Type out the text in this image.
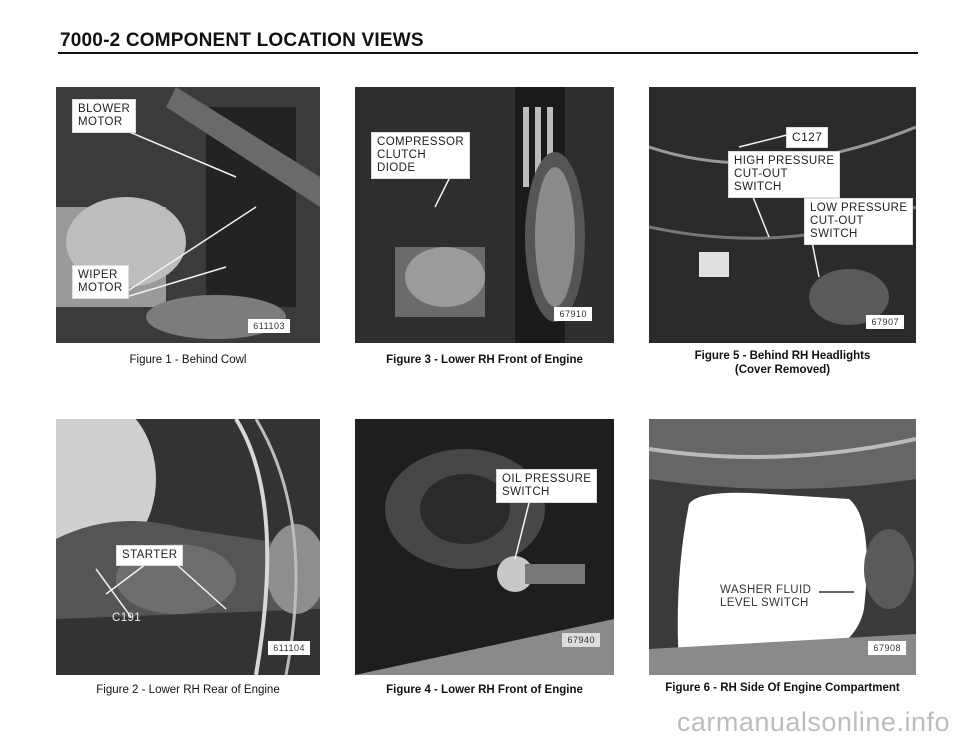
7000-2 COMPONENT LOCATION VIEWS
BLOWER
MOTOR
WIPER
MOTOR
611103
Figure 1 - Behind Cowl
STARTER
C191
611104
Figure 2 - Lower RH Rear of Engine
COMPRESSOR
CLUTCH
DIODE
67910
Figure 3 - Lower RH Front of Engine
OIL PRESSURE
SWITCH
67940
Figure 4 - Lower RH Front of Engine
C127
HIGH PRESSURE
CUT-OUT
SWITCH
LOW PRESSURE
CUT-OUT
SWITCH
67907
Figure 5 - Behind RH Headlights
(Cover Removed)
WASHER FLUID
LEVEL SWITCH
67908
Figure 6 - RH Side Of Engine Compartment
carmanualsonline.info
